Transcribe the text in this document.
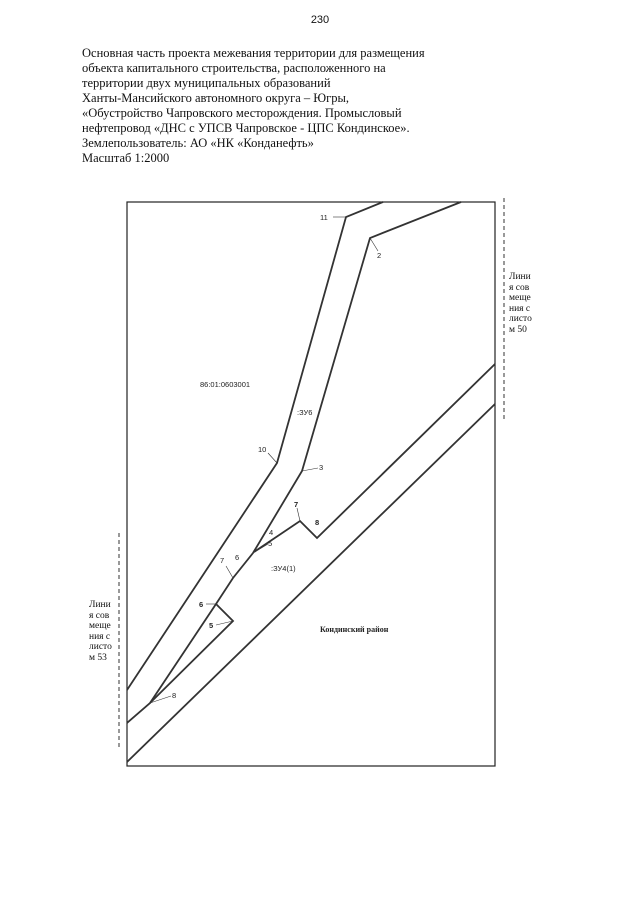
230
Основная часть проекта межевания территории для размещения
объекта капитального строительства, расположенного на
территории двух муниципальных образований
Ханты-Мансийского автономного округа – Югры,
«Обустройство Чапровского месторождения. Промысловый
нефтепровод «ДНС с УПСВ Чапровское - ЦПС Кондинское».
Землепользователь: АО «НК «Конданефть»
Масштаб 1:2000
11
2
10
3
7
8
4
5
6
7
6
5
8
86:01:0603001
:ЗУ6
:ЗУ4(1)
Кондинский район
Линия совмещения с листом 50
Линия совмещения с листом 53
